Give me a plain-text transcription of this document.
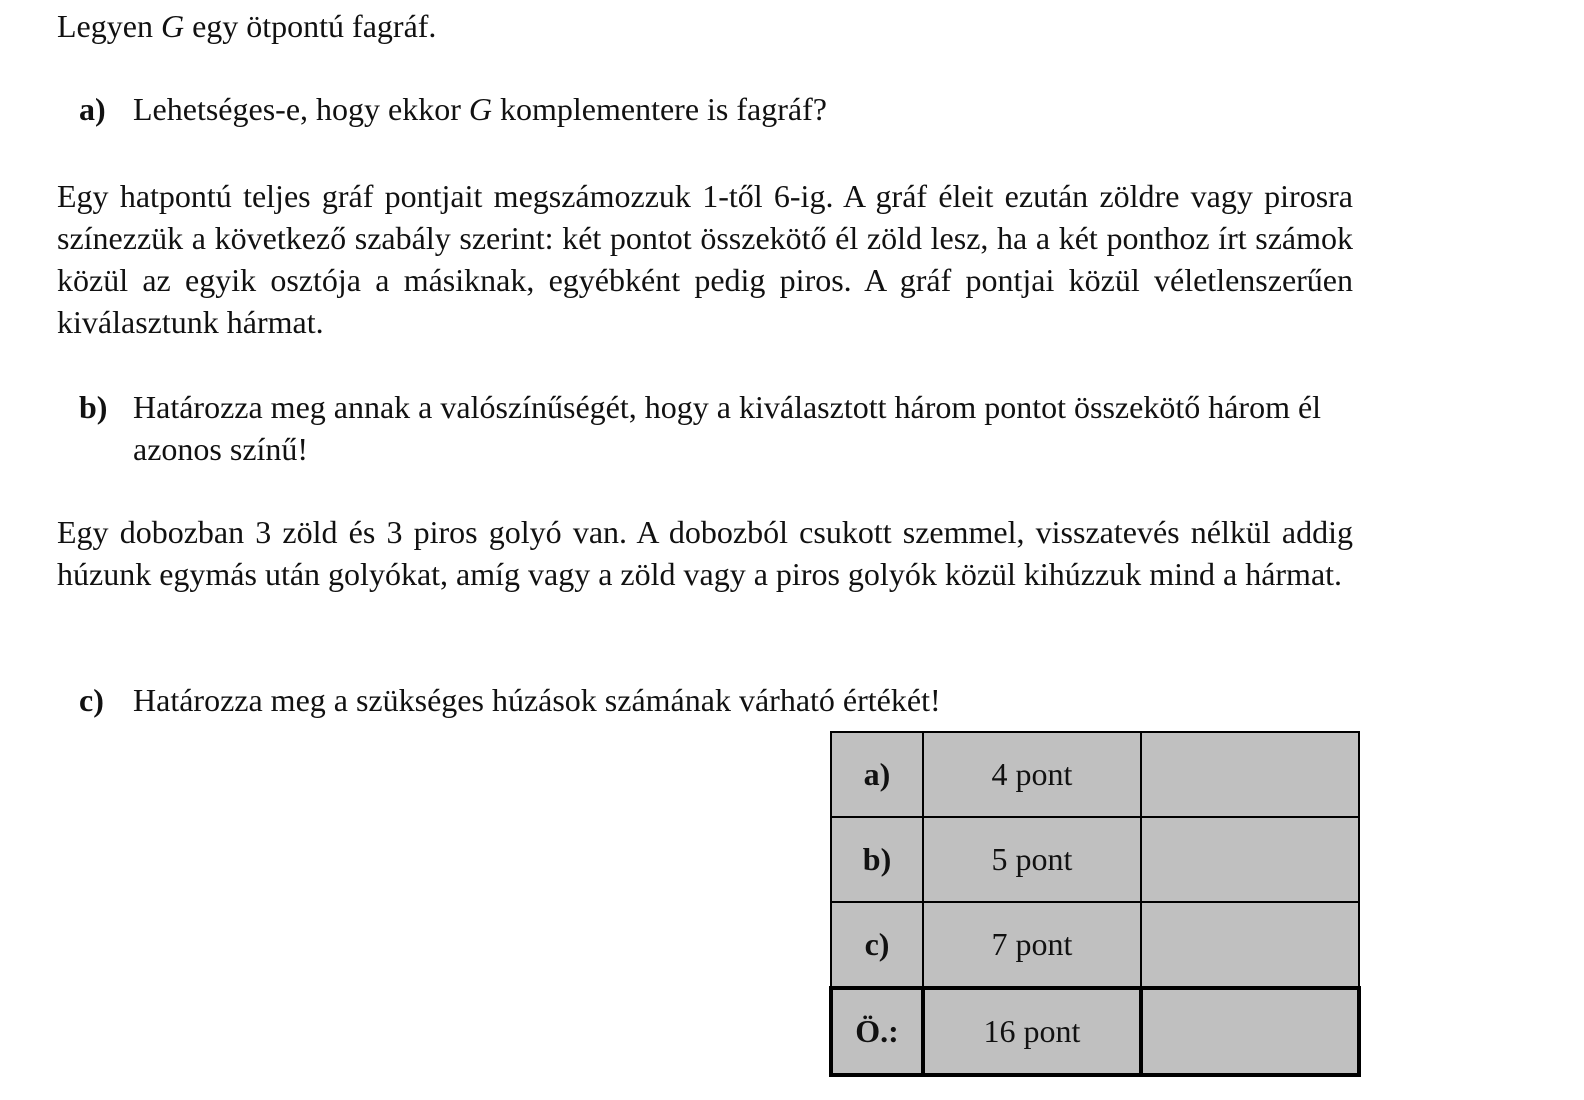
Legyen G egy ötpontú fagráf.
a) Lehetséges-e, hogy ekkor G komplementere is fagráf?
Egy hatpontú teljes gráf pontjait megszámozzuk 1-től 6-ig. A gráf éleit ezután zöldre vagy pirosra színezzük a következő szabály szerint: két pontot összekötő él zöld lesz, ha a két ponthoz írt számok közül az egyik osztója a másiknak, egyébként pedig piros. A gráf pontjai közül véletlenszerűen kiválasztunk hármat.
b) Határozza meg annak a valószínűségét, hogy a kiválasztott három pontot összekötő három él azonos színű!
Egy dobozban 3 zöld és 3 piros golyó van. A dobozból csukott szemmel, visszatevés nélkül addig húzunk egymás után golyókat, amíg vagy a zöld vagy a piros golyók közül kihúzzuk mind a hármat.
c) Határozza meg a szükséges húzások számának várható értékét!
a)	4 pont	
b)	5 pont	
c)	7 pont	
Ö.:	16 pont	
